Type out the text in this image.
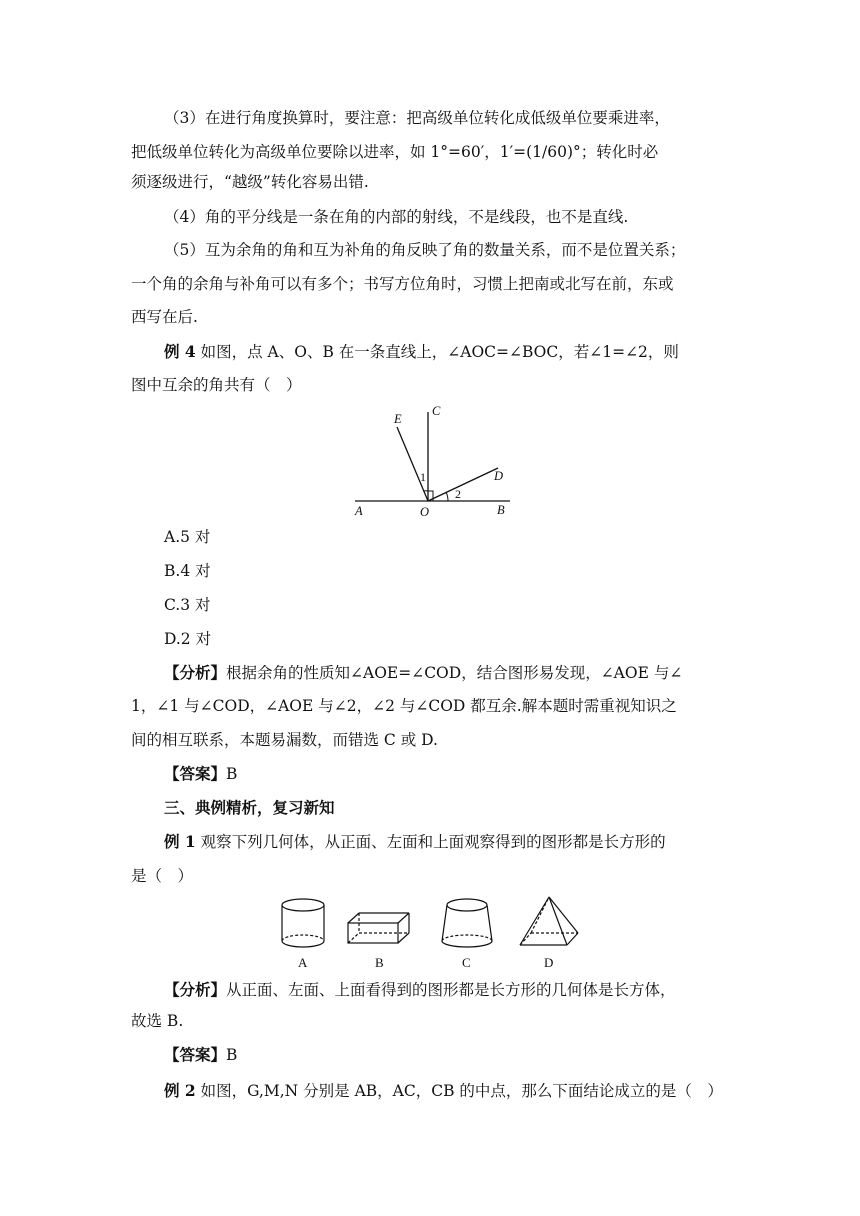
（3）在进行角度换算时，要注意：把高级单位转化成低级单位要乘进率，

把低级单位转化为高级单位要除以进率，如 1°=60′，1′=(1/60)°；转化时必

须逐级进行，“越级”转化容易出错.

（4）角的平分线是一条在角的内部的射线，不是线段，也不是直线.

（5）互为余角的角和互为补角的角反映了角的数量关系，而不是位置关系；

一个角的余角与补角可以有多个；书写方位角时，习惯上把南或北写在前，东或

西写在后.

例 4 如图，点 A、O、B 在一条直线上，∠AOC=∠BOC，若∠1=∠2，则

图中互余的角共有（　）

E
C
D
A	O	B
1
2

A.5 对

B.4 对

C.3 对

D.2 对

【分析】根据余角的性质知∠AOE=∠COD，结合图形易发现，∠AOE 与∠

1，∠1 与∠COD，∠AOE 与∠2，∠2 与∠COD 都互余.解本题时需重视知识之

间的相互联系，本题易漏数，而错选 C 或 D.

【答案】B

三、典例精析，复习新知

例 1 观察下列几何体，从正面、左面和上面观察得到的图形都是长方形的

是（　）

A	B	C	D

【分析】从正面、左面、上面看得到的图形都是长方形的几何体是长方体，

故选 B.

【答案】B

例 2 如图，G,M,N 分别是 AB，AC，CB 的中点，那么下面结论成立的是（　）
